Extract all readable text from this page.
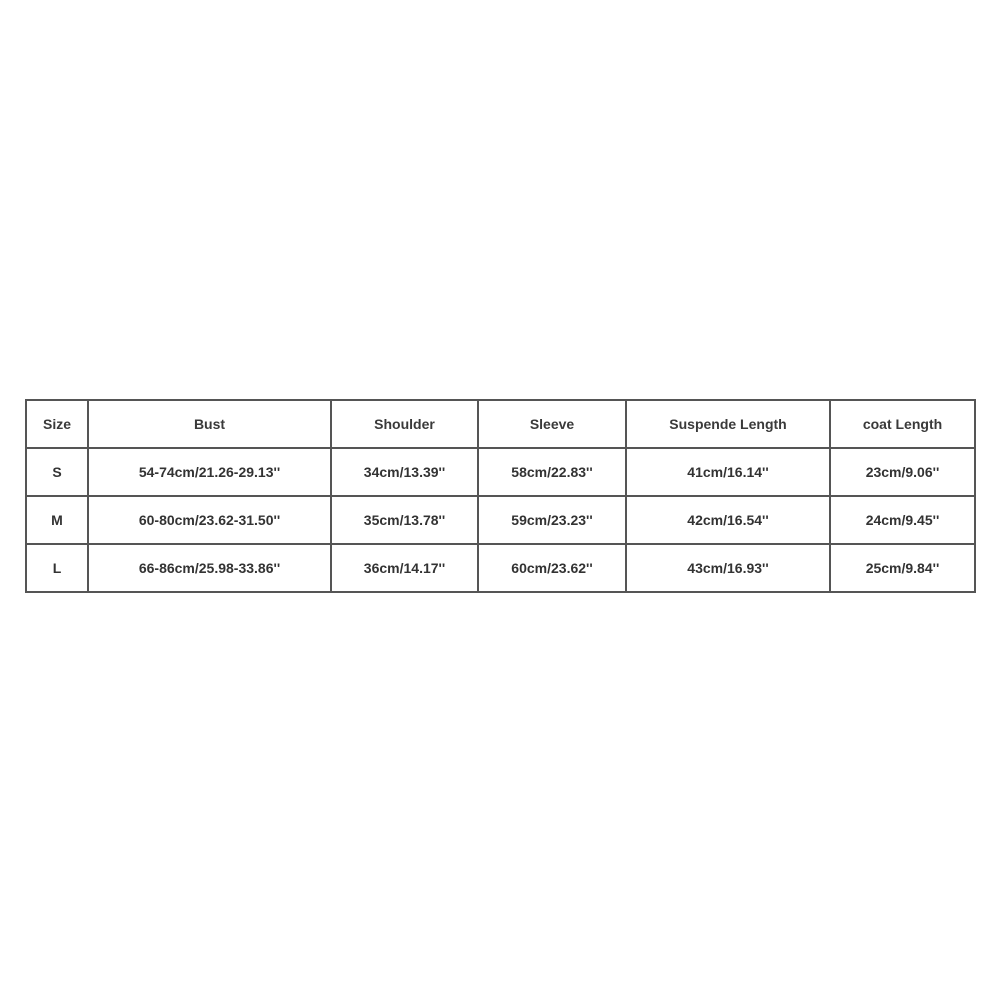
Size	Bust	Shoulder	Sleeve	Suspende Length	coat Length
S	54-74cm/21.26-29.13''	34cm/13.39''	58cm/22.83''	41cm/16.14''	23cm/9.06''
M	60-80cm/23.62-31.50''	35cm/13.78''	59cm/23.23''	42cm/16.54''	24cm/9.45''
L	66-86cm/25.98-33.86''	36cm/14.17''	60cm/23.62''	43cm/16.93''	25cm/9.84''
